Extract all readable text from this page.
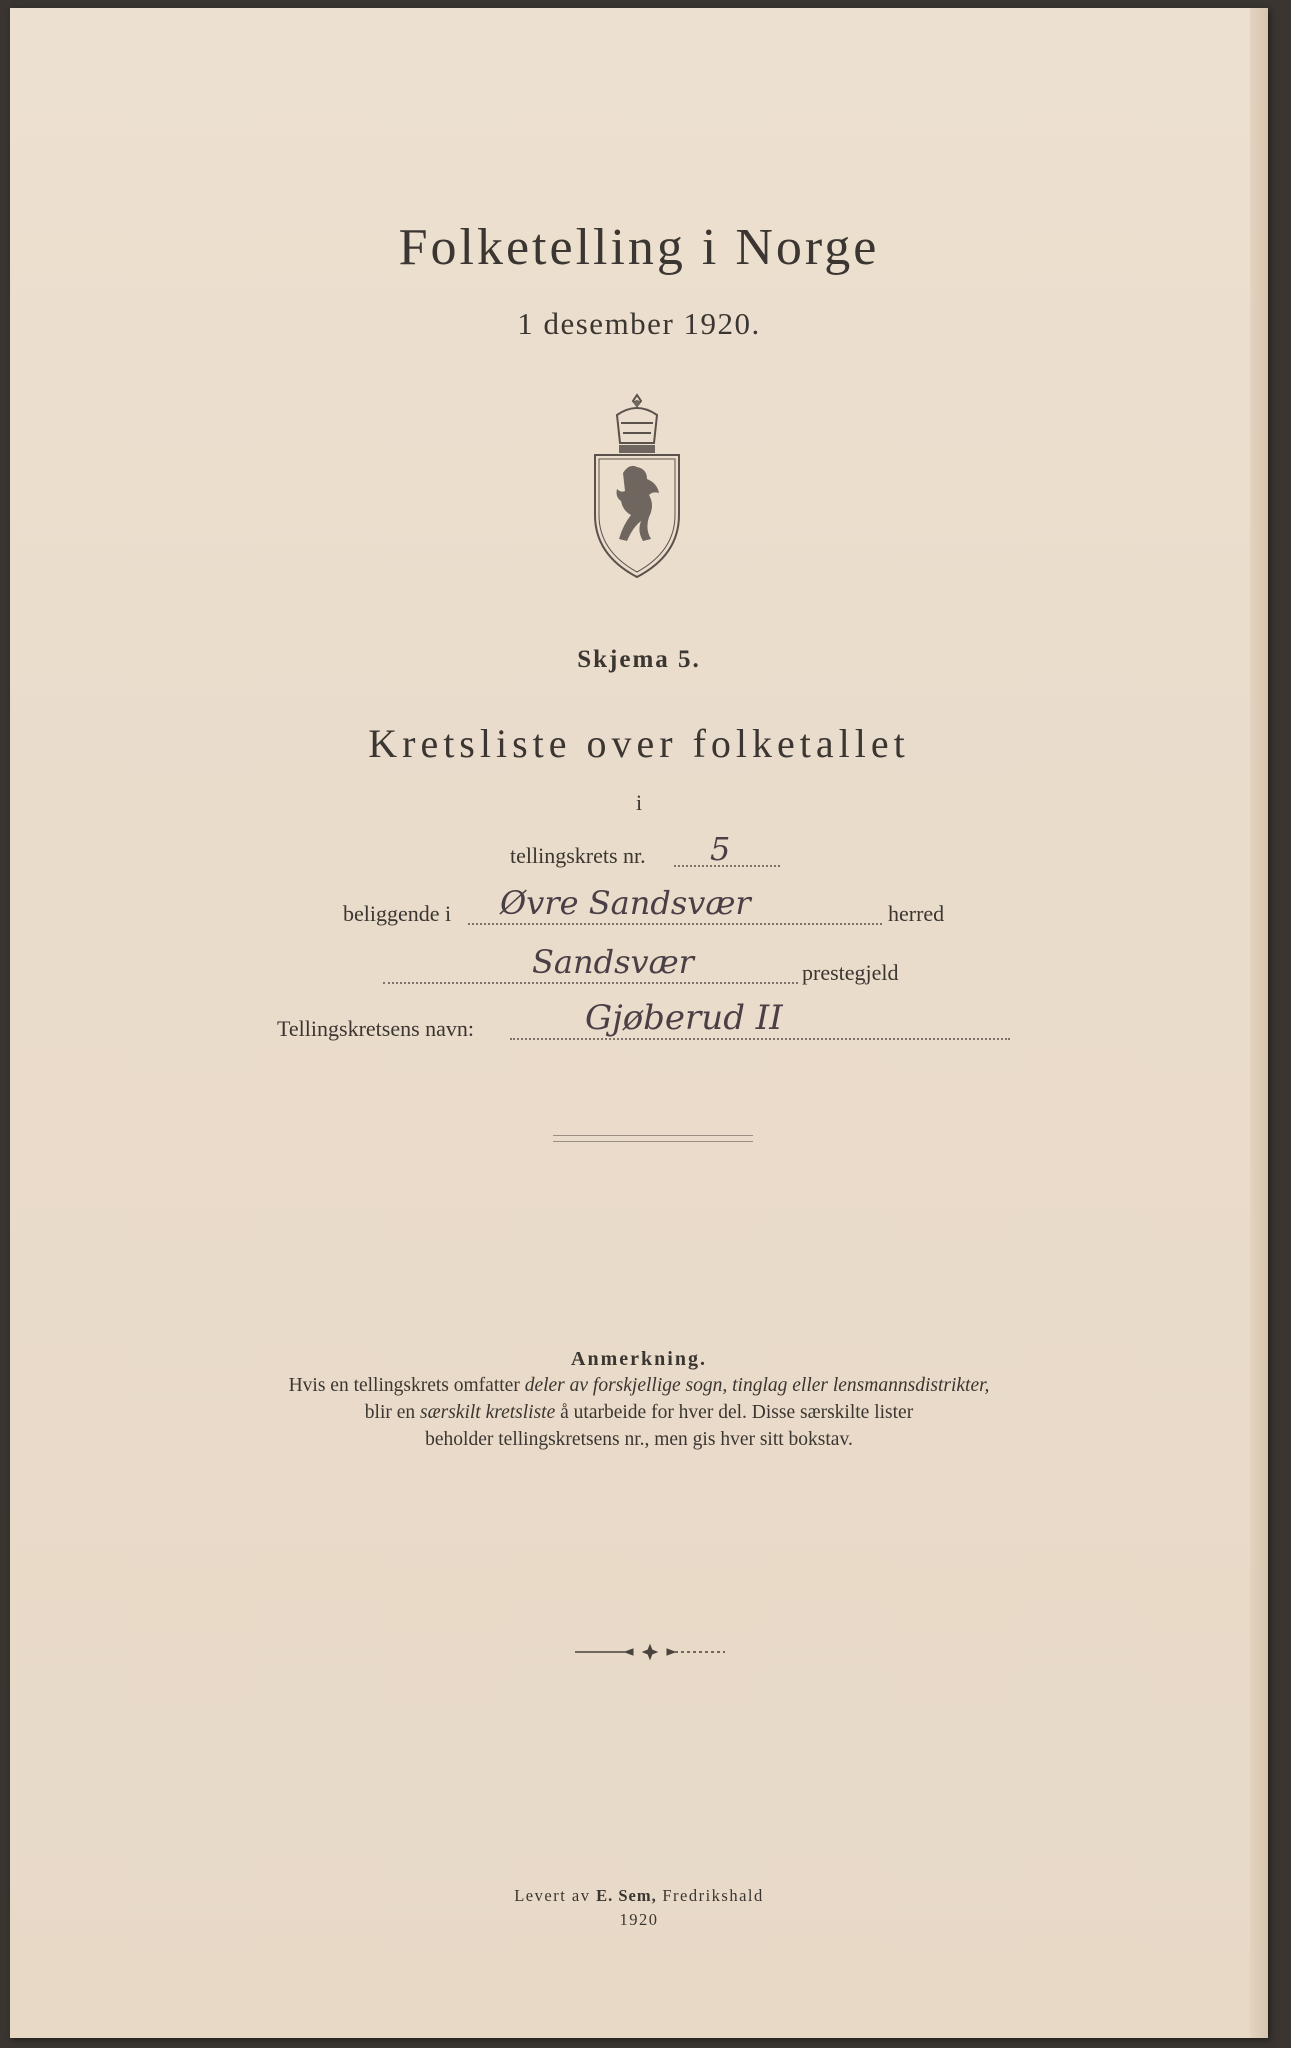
Folketelling i Norge
1 desember 1920.
Skjema 5.
Kretsliste over folketallet
i
tellingskrets nr. 5
beliggende i Øvre Sandsvær	herred
Sandsvær	prestegjeld
Tellingskretsens navn:	Gjøberud II
Anmerkning.
Hvis en tellingskrets omfatter deler av forskjellige sogn, tinglag eller lensmannsdistrikter,
blir en særskilt kretsliste å utarbeide for hver del. Disse særskilte lister
beholder tellingskretsens nr., men gis hver sitt bokstav.
Levert av E. Sem, Fredrikshald
1920
